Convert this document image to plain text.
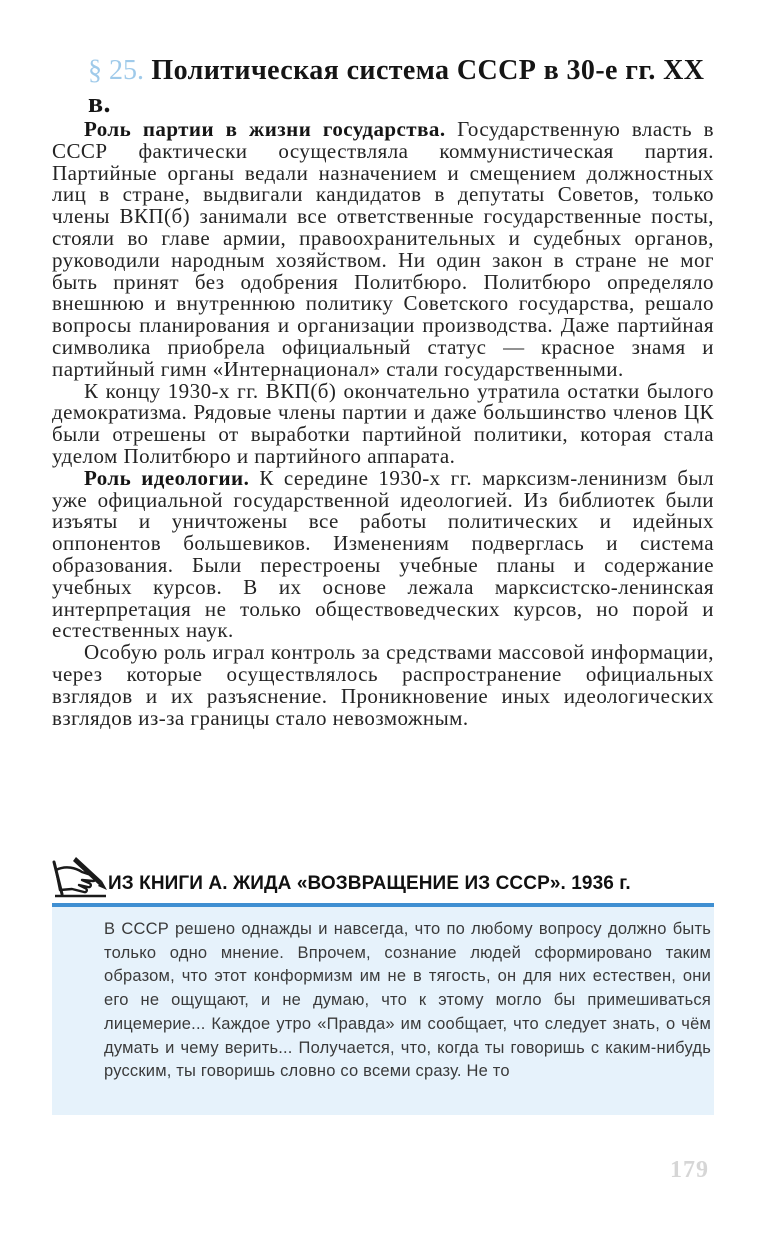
§ 25. Политическая система СССР в 30-е гг. XX в.

Роль партии в жизни государства. Государственную власть в СССР фактически осуществляла коммунистическая партия. Партийные органы ведали назначением и смещением должностных лиц в стране, выдвигали кандидатов в депутаты Советов, только члены ВКП(б) занимали все ответственные государственные посты, стояли во главе армии, правоохранительных и судебных органов, руководили народным хозяйством. Ни один закон в стране не мог быть принят без одобрения Политбюро. Политбюро определяло внешнюю и внутреннюю политику Советского государства, решало вопросы планирования и организации производства. Даже партийная символика приобрела официальный статус — красное знамя и партийный гимн «Интернационал» стали государственными.

К концу 1930-х гг. ВКП(б) окончательно утратила остатки былого демократизма. Рядовые члены партии и даже большинство членов ЦК были отрешены от выработки партийной политики, которая стала уделом Политбюро и партийного аппарата.

Роль идеологии. К середине 1930-х гг. марксизм-ленинизм был уже официальной государственной идеологией. Из библиотек были изъяты и уничтожены все работы политических и идейных оппонентов большевиков. Изменениям подверглась и система образования. Были перестроены учебные планы и содержание учебных курсов. В их основе лежала марксистско-ленинская интерпретация не только обществоведческих курсов, но порой и естественных наук.

Особую роль играл контроль за средствами массовой информации, через которые осуществлялось распространение официальных взглядов и их разъяснение. Проникновение иных идеологических взглядов из-за границы стало невозможным.

ИЗ КНИГИ А. ЖИДА «ВОЗВРАЩЕНИЕ ИЗ СССР». 1936 г.

В СССР решено однажды и навсегда, что по любому вопросу должно быть только одно мнение. Впрочем, сознание людей сформировано таким образом, что этот конформизм им не в тягость, он для них естествен, они его не ощущают, и не думаю, что к этому могло бы примешиваться лицемерие... Каждое утро «Правда» им сообщает, что следует знать, о чём думать и чему верить... Получается, что, когда ты говоришь с каким-нибудь русским, ты говоришь словно со всеми сразу. Не то

179
